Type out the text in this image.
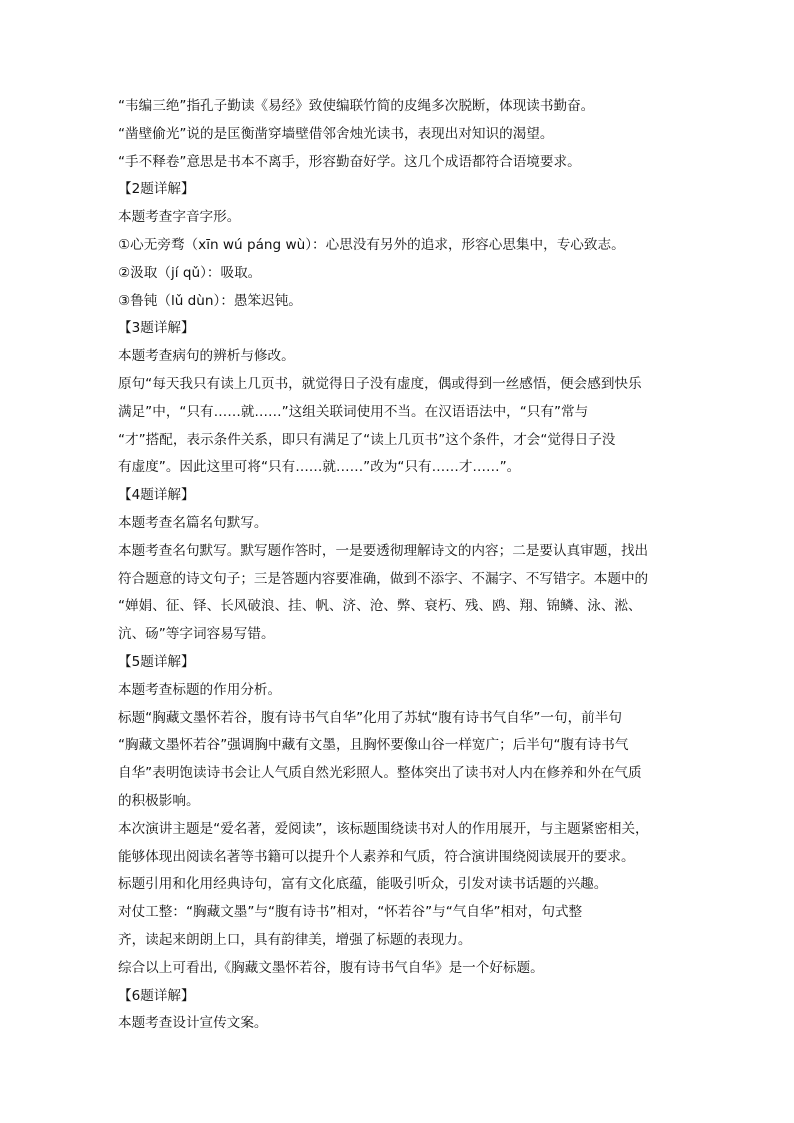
“韦编三绝”指孔子勤读《易经》致使编联竹简的皮绳多次脱断，体现读书勤奋。
“凿壁偷光”说的是匡衡凿穿墙壁借邻舍烛光读书，表现出对知识的渴望。
“手不释卷”意思是书本不离手，形容勤奋好学。这几个成语都符合语境要求。
【2题详解】
本题考查字音字形。
①心无旁骛（xīn wú páng wù）：心思没有另外的追求，形容心思集中，专心致志。
②汲取（jí qǔ）：吸取。
③鲁钝（lǔ dùn）：愚笨迟钝。
【3题详解】
本题考查病句的辨析与修改。
原句“每天我只有读上几页书，就觉得日子没有虚度，偶或得到一丝感悟，便会感到快乐
满足”中，“只有……就……”这组关联词使用不当。在汉语语法中，“只有”常与
“才”搭配，表示条件关系，即只有满足了“读上几页书”这个条件，才会“觉得日子没
有虚度”。因此这里可将“只有……就……”改为“只有……才……”。
【4题详解】
本题考查名篇名句默写。
本题考查名句默写。默写题作答时，一是要透彻理解诗文的内容；二是要认真审题，找出
符合题意的诗文句子；三是答题内容要准确，做到不添字、不漏字、不写错字。本题中的
“婵娟、征、铎、长风破浪、挂、帆、济、沧、弊、衰朽、残、鸥、翔、锦鳞、泳、淞、
沆、砀”等字词容易写错。
【5题详解】
本题考查标题的作用分析。
标题“胸藏文墨怀若谷，腹有诗书气自华”化用了苏轼“腹有诗书气自华”一句，前半句
“胸藏文墨怀若谷”强调胸中藏有文墨，且胸怀要像山谷一样宽广；后半句“腹有诗书气
自华”表明饱读诗书会让人气质自然光彩照人。整体突出了读书对人内在修养和外在气质
的积极影响。
本次演讲主题是“爱名著，爱阅读”，该标题围绕读书对人的作用展开，与主题紧密相关，
能够体现出阅读名著等书籍可以提升个人素养和气质，符合演讲围绕阅读展开的要求。
标题引用和化用经典诗句，富有文化底蕴，能吸引听众，引发对读书话题的兴趣。
对仗工整：“胸藏文墨”与“腹有诗书”相对，“怀若谷”与“气自华”相对，句式整
齐，读起来朗朗上口，具有韵律美，增强了标题的表现力。
综合以上可看出,《胸藏文墨怀若谷，腹有诗书气自华》是一个好标题。
【6题详解】
本题考查设计宣传文案。
